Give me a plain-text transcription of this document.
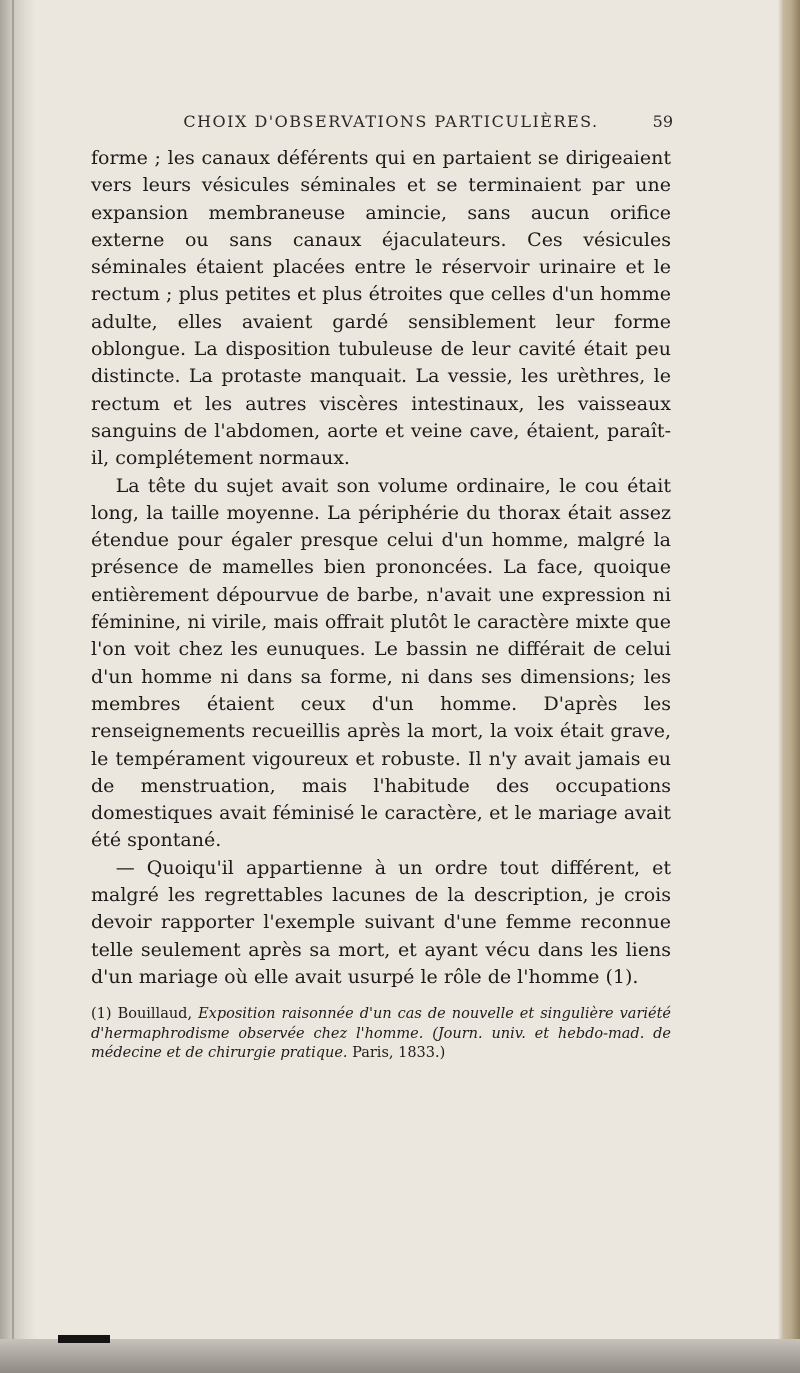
CHOIX D'OBSERVATIONS PARTICULIÈRES.	59

forme ; les canaux déférents qui en partaient se dirigeaient vers leurs vésicules séminales et se terminaient par une expansion membraneuse amincie, sans aucun orifice externe ou sans canaux éjaculateurs. Ces vésicules séminales étaient placées entre le réservoir urinaire et le rectum ; plus petites et plus étroites que celles d'un homme adulte, elles avaient gardé sensiblement leur forme oblongue. La disposition tubuleuse de leur cavité était peu distincte. La protaste manquait. La vessie, les urèthres, le rectum et les autres viscères intestinaux, les vaisseaux sanguins de l'abdomen, aorte et veine cave, étaient, paraît-il, complétement normaux.

La tête du sujet avait son volume ordinaire, le cou était long, la taille moyenne. La périphérie du thorax était assez étendue pour égaler presque celui d'un homme, malgré la présence de mamelles bien prononcées. La face, quoique entièrement dépourvue de barbe, n'avait une expression ni féminine, ni virile, mais offrait plutôt le caractère mixte que l'on voit chez les eunuques. Le bassin ne différait de celui d'un homme ni dans sa forme, ni dans ses dimensions; les membres étaient ceux d'un homme. D'après les renseignements recueillis après la mort, la voix était grave, le tempérament vigoureux et robuste. Il n'y avait jamais eu de menstruation, mais l'habitude des occupations domestiques avait féminisé le caractère, et le mariage avait été spontané.

— Quoiqu'il appartienne à un ordre tout différent, et malgré les regrettables lacunes de la description, je crois devoir rapporter l'exemple suivant d'une femme reconnue telle seulement après sa mort, et ayant vécu dans les liens d'un mariage où elle avait usurpé le rôle de l'homme (1).

(1) Bouillaud, Exposition raisonnée d'un cas de nouvelle et singulière variété d'hermaphrodisme observée chez l'homme. (Journ. univ. et hebdo-mad. de médecine et de chirurgie pratique. Paris, 1833.)
